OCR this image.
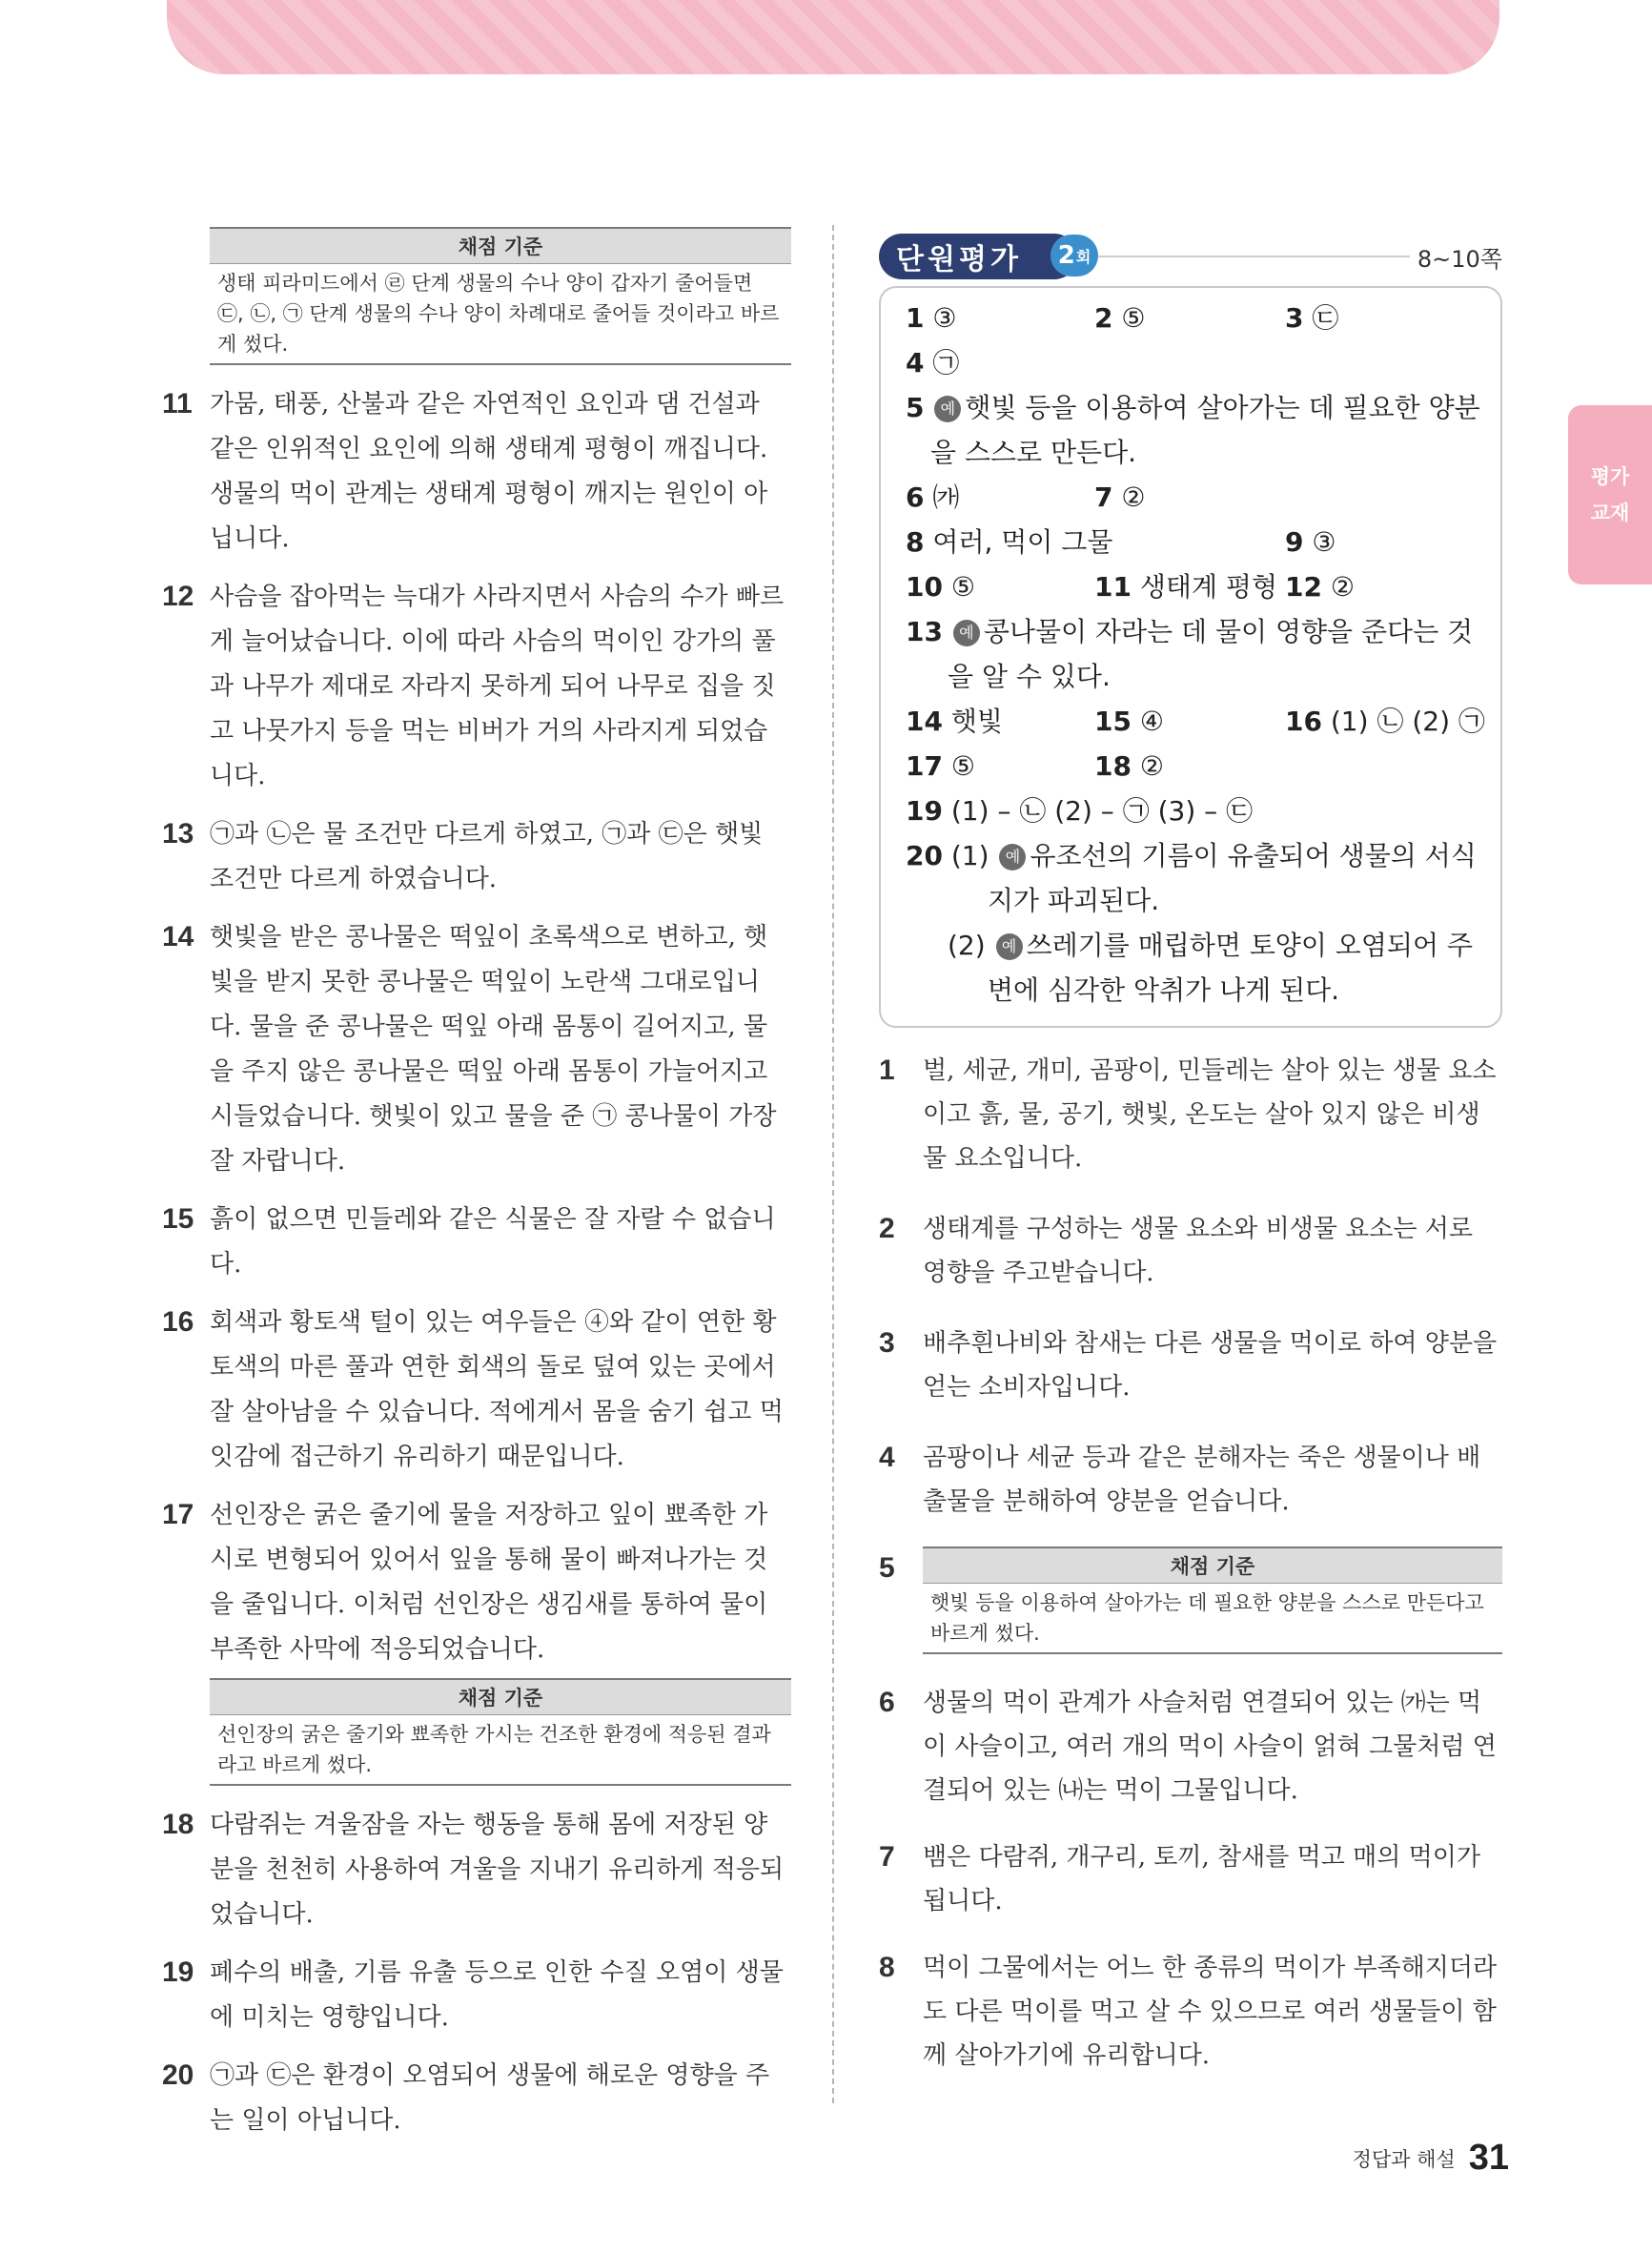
평가
교재
채점 기준
생태 피라미드에서 ㉣ 단계 생물의 수나 양이 갑자기 줄어들면 ㉢, ㉡, ㉠ 단계 생물의 수나 양이 차례대로 줄어들 것이라고 바르게 썼다.
11 가뭄, 태풍, 산불과 같은 자연적인 요인과 댐 건설과 같은 인위적인 요인에 의해 생태계 평형이 깨집니다. 생물의 먹이 관계는 생태계 평형이 깨지는 원인이 아닙니다.
12 사슴을 잡아먹는 늑대가 사라지면서 사슴의 수가 빠르게 늘어났습니다. 이에 따라 사슴의 먹이인 강가의 풀과 나무가 제대로 자라지 못하게 되어 나무로 집을 짓고 나뭇가지 등을 먹는 비버가 거의 사라지게 되었습니다.
13 ㉠과 ㉡은 물 조건만 다르게 하였고, ㉠과 ㉢은 햇빛 조건만 다르게 하였습니다.
14 햇빛을 받은 콩나물은 떡잎이 초록색으로 변하고, 햇빛을 받지 못한 콩나물은 떡잎이 노란색 그대로입니다. 물을 준 콩나물은 떡잎 아래 몸통이 길어지고, 물을 주지 않은 콩나물은 떡잎 아래 몸통이 가늘어지고 시들었습니다. 햇빛이 있고 물을 준 ㉠ 콩나물이 가장 잘 자랍니다.
15 흙이 없으면 민들레와 같은 식물은 잘 자랄 수 없습니다.
16 회색과 황토색 털이 있는 여우들은 ④와 같이 연한 황토색의 마른 풀과 연한 회색의 돌로 덮여 있는 곳에서 잘 살아남을 수 있습니다. 적에게서 몸을 숨기 쉽고 먹잇감에 접근하기 유리하기 때문입니다.
17 선인장은 굵은 줄기에 물을 저장하고 잎이 뾰족한 가시로 변형되어 있어서 잎을 통해 물이 빠져나가는 것을 줄입니다. 이처럼 선인장은 생김새를 통하여 물이 부족한 사막에 적응되었습니다.
채점 기준
선인장의 굵은 줄기와 뾰족한 가시는 건조한 환경에 적응된 결과라고 바르게 썼다.
18 다람쥐는 겨울잠을 자는 행동을 통해 몸에 저장된 양분을 천천히 사용하여 겨울을 지내기 유리하게 적응되었습니다.
19 폐수의 배출, 기름 유출 등으로 인한 수질 오염이 생물에 미치는 영향입니다.
20 ㉠과 ㉢은 환경이 오염되어 생물에 해로운 영향을 주는 일이 아닙니다.
단원평가	2 회	8~10쪽
1 ③	2 ⑤	3 ㉢
4 ㉠
5 예 햇빛 등을 이용하여 살아가는 데 필요한 양분
을 스스로 만든다.
6 ㈎	7 ②
8 여러, 먹이 그물	9 ③
10 ⑤	11 생태계 평형 12 ②
13 예 콩나물이 자라는 데 물이 영향을 준다는 것
을 알 수 있다.
14 햇빛	15 ④	16 (1) ㉡ (2) ㉠
17 ⑤	18 ②
19 (1) – ㉡ (2) – ㉠ (3) – ㉢
20 (1) 예 유조선의 기름이 유출되어 생물의 서식
지가 파괴된다.
(2) 예 쓰레기를 매립하면 토양이 오염되어 주
변에 심각한 악취가 나게 된다.
1	벌, 세균, 개미, 곰팡이, 민들레는 살아 있는 생물 요소이고 흙, 물, 공기, 햇빛, 온도는 살아 있지 않은 비생물 요소입니다.
2	생태계를 구성하는 생물 요소와 비생물 요소는 서로 영향을 주고받습니다.
3	배추흰나비와 참새는 다른 생물을 먹이로 하여 양분을 얻는 소비자입니다.
4	곰팡이나 세균 등과 같은 분해자는 죽은 생물이나 배출물을 분해하여 양분을 얻습니다.
5	채점 기준
햇빛 등을 이용하여 살아가는 데 필요한 양분을 스스로 만든다고 바르게 썼다.
6	생물의 먹이 관계가 사슬처럼 연결되어 있는 ㈎는 먹이 사슬이고, 여러 개의 먹이 사슬이 얽혀 그물처럼 연결되어 있는 ㈏는 먹이 그물입니다.
7	뱀은 다람쥐, 개구리, 토끼, 참새를 먹고 매의 먹이가 됩니다.
8	먹이 그물에서는 어느 한 종류의 먹이가 부족해지더라도 다른 먹이를 먹고 살 수 있으므로 여러 생물들이 함께 살아가기에 유리합니다.
정답과 해설 31
